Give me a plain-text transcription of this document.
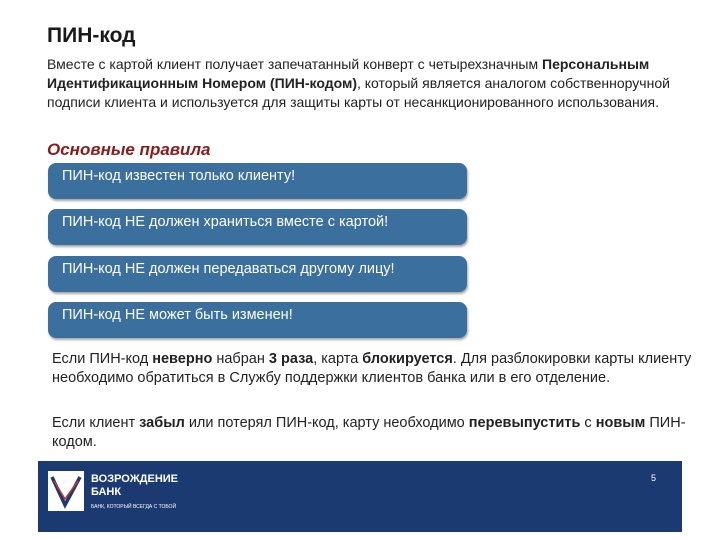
ПИН-код
Вместе с картой клиент получает запечатанный конверт с четырехзначным Персональным Идентификационным Номером (ПИН-кодом), который является аналогом собственноручной подписи клиента и используется для защиты карты от несанкционированного использования.
Основные правила
ПИН-код известен только клиенту!
ПИН-код НЕ должен храниться вместе с картой!
ПИН-код НЕ должен передаваться другому лицу!
ПИН-код НЕ может быть изменен!
Если ПИН-код неверно набран 3 раза, карта блокируется. Для разблокировки карты клиенту необходимо обратиться в Службу поддержки клиентов банка или в его отделение.
Если клиент забыл или потерял ПИН-код, карту необходимо перевыпустить с новым ПИН-кодом.
ВОЗРОЖДЕНИЕ
БАНК
БАНК, КОТОРЫЙ ВСЕГДА С ТОБОЙ
5
